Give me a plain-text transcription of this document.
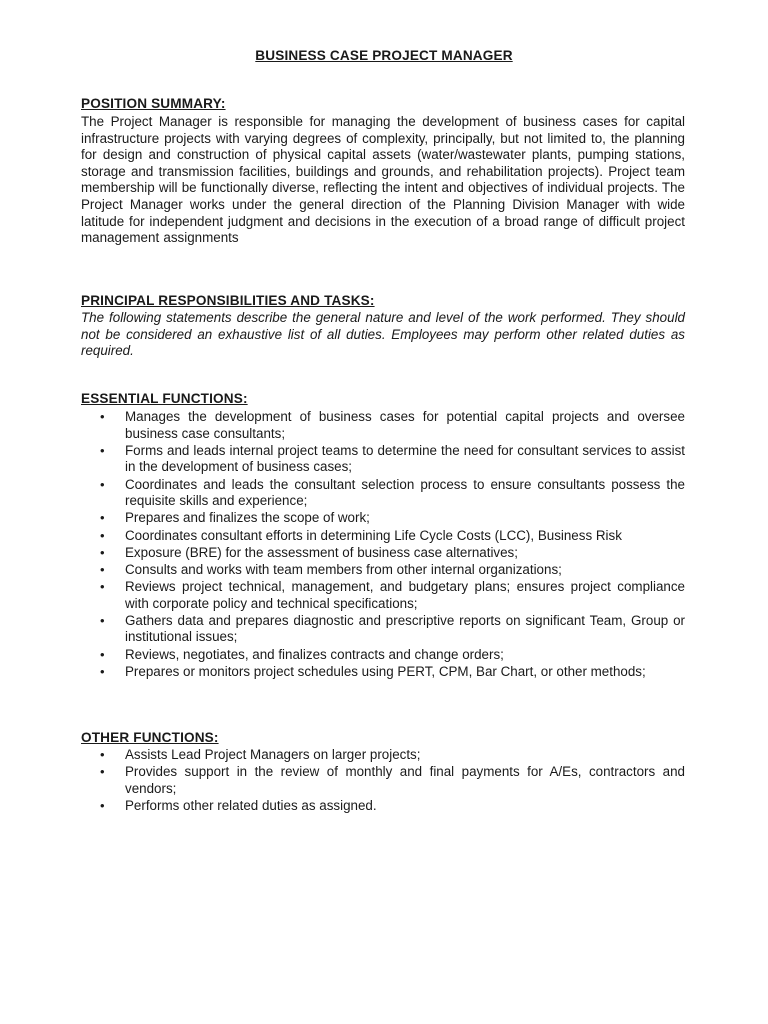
BUSINESS CASE PROJECT MANAGER
POSITION SUMMARY:

The Project Manager is responsible for managing the development of business cases for capital infrastructure projects with varying degrees of complexity, principally, but not limited to, the planning for design and construction of physical capital assets (water/wastewater plants, pumping stations, storage and transmission facilities, buildings and grounds, and rehabilitation projects). Project team membership will be functionally diverse, reflecting the intent and objectives of individual projects. The Project Manager works under the general direction of the Planning Division Manager with wide latitude for independent judgment and decisions in the execution of a broad range of difficult project management assignments

PRINCIPAL RESPONSIBILITIES AND TASKS:

The following statements describe the general nature and level of the work performed. They should not be considered an exhaustive list of all duties. Employees may perform other related duties as required.

ESSENTIAL FUNCTIONS:
• Manages the development of business cases for potential capital projects and oversee business case consultants;
• Forms and leads internal project teams to determine the need for consultant services to assist in the development of business cases;
• Coordinates and leads the consultant selection process to ensure consultants possess the requisite skills and experience;
• Prepares and finalizes the scope of work;
• Coordinates consultant efforts in determining Life Cycle Costs (LCC), Business Risk
• Exposure (BRE) for the assessment of business case alternatives;
• Consults and works with team members from other internal organizations;
• Reviews project technical, management, and budgetary plans; ensures project compliance with corporate policy and technical specifications;
• Gathers data and prepares diagnostic and prescriptive reports on significant Team, Group or institutional issues;
• Reviews, negotiates, and finalizes contracts and change orders;
• Prepares or monitors project schedules using PERT, CPM, Bar Chart, or other methods;
OTHER FUNCTIONS:
• Assists Lead Project Managers on larger projects;
• Provides support in the review of monthly and final payments for A/Es, contractors and vendors;
• Performs other related duties as assigned.
